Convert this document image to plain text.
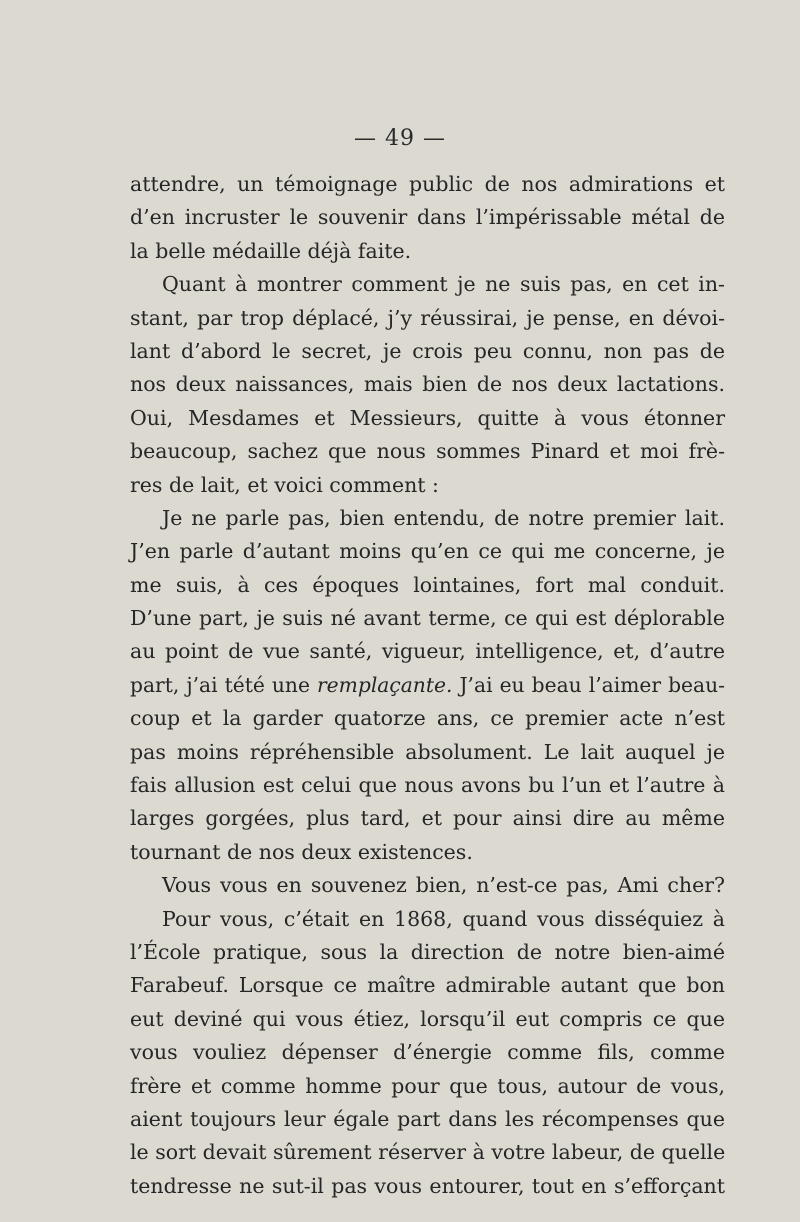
— 49 —
attendre, un témoignage public de nos admirations et
d’en incruster le souvenir dans l’impérissable métal de
la belle médaille déjà faite.
Quant à montrer comment je ne suis pas, en cet in-
stant, par trop déplacé, j’y réussirai, je pense, en dévoi-
lant d’abord le secret, je crois peu connu, non pas de
nos deux naissances, mais bien de nos deux lactations.
Oui, Mesdames et Messieurs, quitte à vous étonner
beaucoup, sachez que nous sommes Pinard et moi frè-
res de lait, et voici comment :
Je ne parle pas, bien entendu, de notre premier lait.
J’en parle d’autant moins qu’en ce qui me concerne, je
me suis, à ces époques lointaines, fort mal conduit.
D’une part, je suis né avant terme, ce qui est déplorable
au point de vue santé, vigueur, intelligence, et, d’autre
part, j’ai tété une remplaçante. J’ai eu beau l’aimer beau-
coup et la garder quatorze ans, ce premier acte n’est
pas moins répréhensible absolument. Le lait auquel je
fais allusion est celui que nous avons bu l’un et l’autre à
larges gorgées, plus tard, et pour ainsi dire au même
tournant de nos deux existences.
Vous vous en souvenez bien, n’est-ce pas, Ami cher?
Pour vous, c’était en 1868, quand vous disséquiez à
l’École pratique, sous la direction de notre bien-aimé
Farabeuf. Lorsque ce maître admirable autant que bon
eut deviné qui vous étiez, lorsqu’il eut compris ce que
vous vouliez dépenser d’énergie comme fils, comme
frère et comme homme pour que tous, autour de vous,
aient toujours leur égale part dans les récompenses que
le sort devait sûrement réserver à votre labeur, de quelle
tendresse ne sut-il pas vous entourer, tout en s’efforçant
